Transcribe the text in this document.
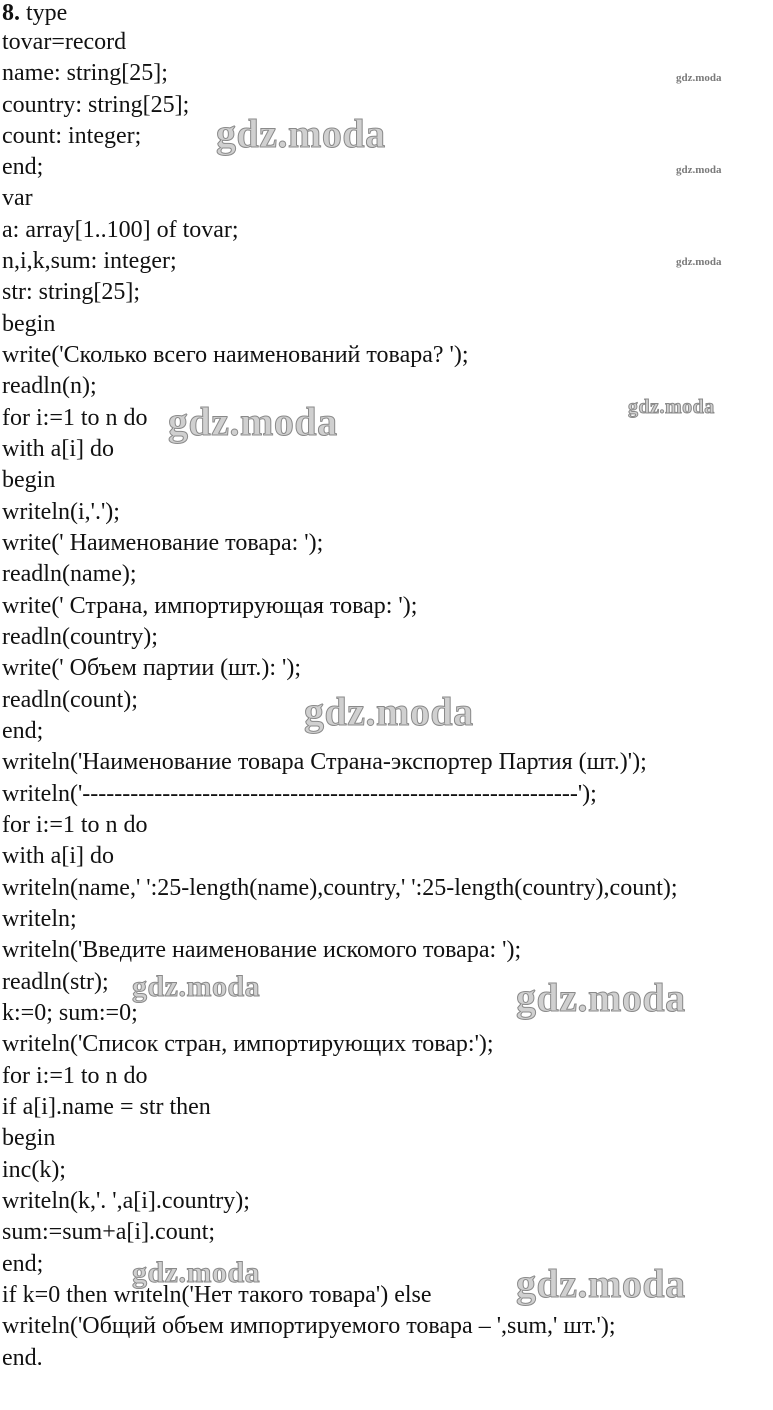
8. type
tovar=record
name: string[25];
country: string[25];
count: integer;
end;
var
a: array[1..100] of tovar;
n,i,k,sum: integer;
str: string[25];
begin
write('Сколько всего наименований товара? ');
readln(n);
for i:=1 to n do
with a[i] do
begin
writeln(i,'.');
write(' Наименование товара: ');
readln(name);
write(' Страна, импортирующая товар: ');
readln(country);
write(' Объем партии (шт.): ');
readln(count);
end;
writeln('Наименование товара Страна-экспортер Партия (шт.)');
writeln('--------------------------------------------------------------');
for i:=1 to n do
with a[i] do
writeln(name,' ':25-length(name),country,' ':25-length(country),count);
writeln;
writeln('Введите наименование искомого товара: ');
readln(str);
k:=0; sum:=0;
writeln('Список стран, импортирующих товар:');
for i:=1 to n do
if a[i].name = str then
begin
inc(k);
writeln(k,'. ',a[i].country);
sum:=sum+a[i].count;
end;
if k=0 then writeln('Нет такого товара') else
writeln('Общий объем импортируемого товара – ',sum,' шт.');
end.
gdz.moda
gdz.moda
gdz.moda
gdz.moda
gdz.moda	gdz.moda
gdz.moda
gdz.moda	gdz.moda
gdz.moda	gdz.moda
